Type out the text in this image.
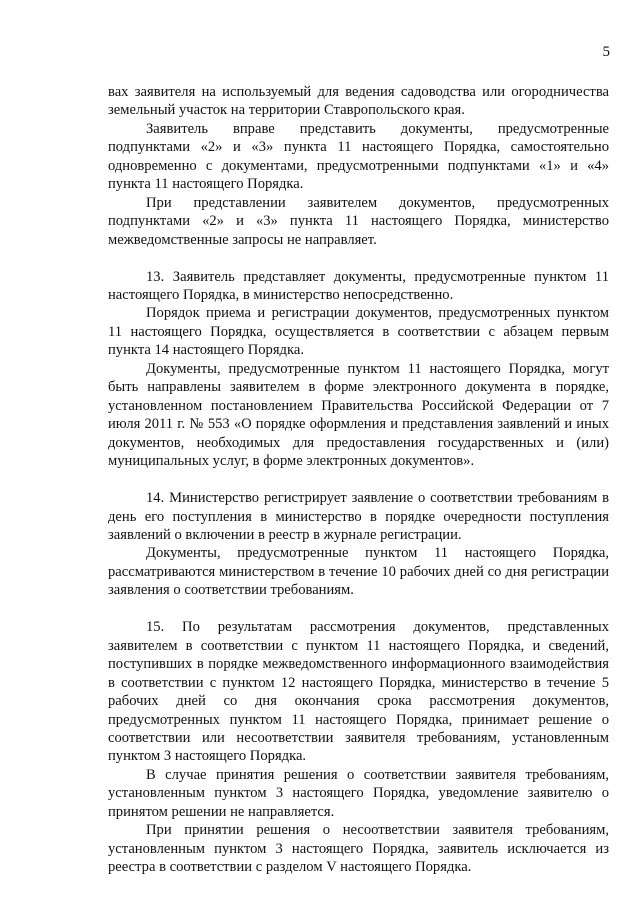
5

вах заявителя на используемый для ведения садоводства или огородничества земельный участок на территории Ставропольского края.

Заявитель вправе представить документы, предусмотренные подпунктами «2» и «3» пункта 11 настоящего Порядка, самостоятельно одновременно с документами, предусмотренными подпунктами «1» и «4» пункта 11 настоящего Порядка.

При представлении заявителем документов, предусмотренных подпунктами «2» и «3» пункта 11 настоящего Порядка, министерство межведомственные запросы не направляет.

13. Заявитель представляет документы, предусмотренные пунктом 11 настоящего Порядка, в министерство непосредственно.

Порядок приема и регистрации документов, предусмотренных пунктом 11 настоящего Порядка, осуществляется в соответствии с абзацем первым пункта 14 настоящего Порядка.

Документы, предусмотренные пунктом 11 настоящего Порядка, могут быть направлены заявителем в форме электронного документа в порядке, установленном постановлением Правительства Российской Федерации от 7 июля 2011 г. № 553 «О порядке оформления и представления заявлений и иных документов, необходимых для предоставления государственных и (или) муниципальных услуг, в форме электронных документов».

14. Министерство регистрирует заявление о соответствии требованиям в день его поступления в министерство в порядке очередности поступления заявлений о включении в реестр в журнале регистрации.

Документы, предусмотренные пунктом 11 настоящего Порядка, рассматриваются министерством в течение 10 рабочих дней со дня регистрации заявления о соответствии требованиям.

15. По результатам рассмотрения документов, представленных заявителем в соответствии с пунктом 11 настоящего Порядка, и сведений, поступивших в порядке межведомственного информационного взаимодействия в соответствии с пунктом 12 настоящего Порядка, министерство в течение 5 рабочих дней со дня окончания срока рассмотрения документов, предусмотренных пунктом 11 настоящего Порядка, принимает решение о соответствии или несоответствии заявителя требованиям, установленным пунктом 3 настоящего Порядка.

В случае принятия решения о соответствии заявителя требованиям, установленным пунктом 3 настоящего Порядка, уведомление заявителю о принятом решении не направляется.

При принятии решения о несоответствии заявителя требованиям, установленным пунктом 3 настоящего Порядка, заявитель исключается из реестра в соответствии с разделом V настоящего Порядка.
